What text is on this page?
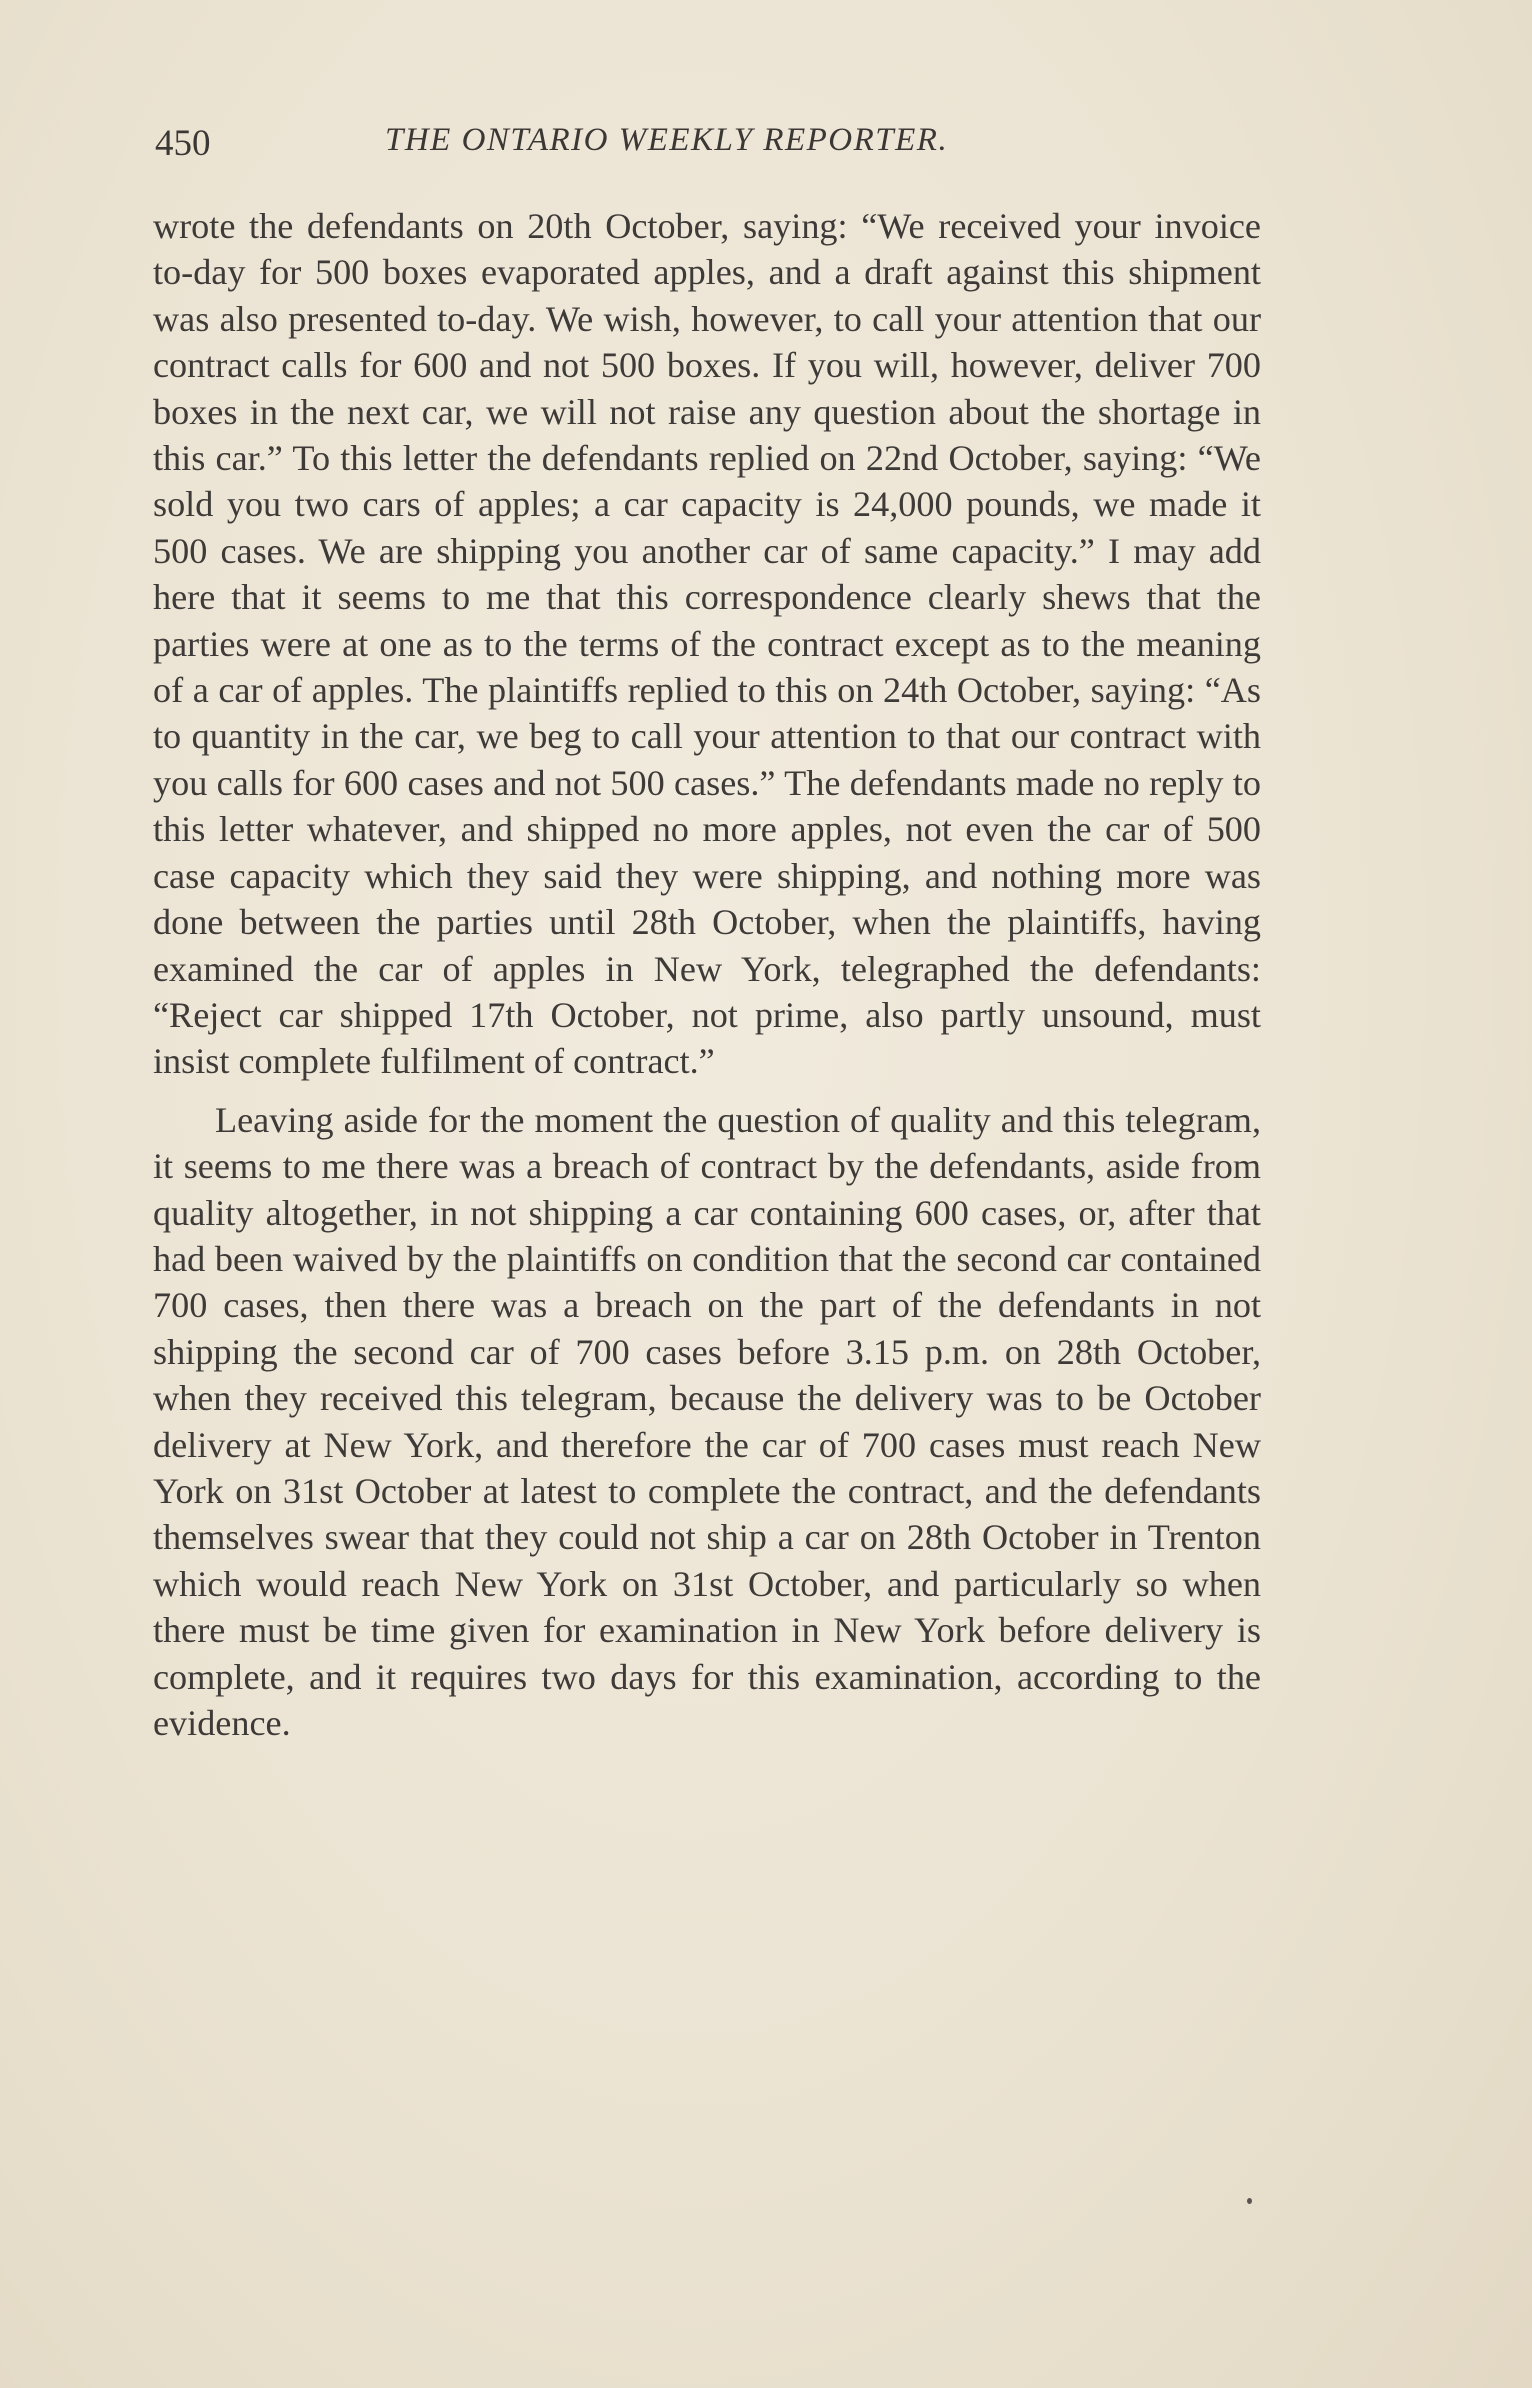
450	THE ONTARIO WEEKLY REPORTER.

wrote the defendants on 20th October, saying: “We received your invoice to-day for 500 boxes evaporated apples, and a draft against this shipment was also presented to-day. We wish, however, to call your attention that our contract calls for 600 and not 500 boxes. If you will, however, deliver 700 boxes in the next car, we will not raise any question about the shortage in this car.” To this letter the defendants replied on 22nd October, saying: “We sold you two cars of apples; a car capacity is 24,000 pounds, we made it 500 cases. We are shipping you another car of same capacity.” I may add here that it seems to me that this correspondence clearly shews that the parties were at one as to the terms of the contract except as to the meaning of a car of apples. The plaintiffs replied to this on 24th October, saying: “As to quantity in the car, we beg to call your attention to that our contract with you calls for 600 cases and not 500 cases.” The defendants made no reply to this letter whatever, and shipped no more apples, not even the car of 500 case capacity which they said they were shipping, and nothing more was done between the parties until 28th October, when the plaintiffs, having examined the car of apples in New York, telegraphed the defendants: “Reject car shipped 17th October, not prime, also partly unsound, must insist complete fulfilment of contract.”

Leaving aside for the moment the question of quality and this telegram, it seems to me there was a breach of contract by the defendants, aside from quality altogether, in not shipping a car containing 600 cases, or, after that had been waived by the plaintiffs on condition that the second car contained 700 cases, then there was a breach on the part of the defendants in not shipping the second car of 700 cases before 3.15 p.m. on 28th October, when they received this telegram, because the delivery was to be October delivery at New York, and therefore the car of 700 cases must reach New York on 31st October at latest to complete the contract, and the defendants themselves swear that they could not ship a car on 28th October in Trenton which would reach New York on 31st October, and particularly so when there must be time given for examination in New York before delivery is complete, and it requires two days for this examination, according to the evidence.
